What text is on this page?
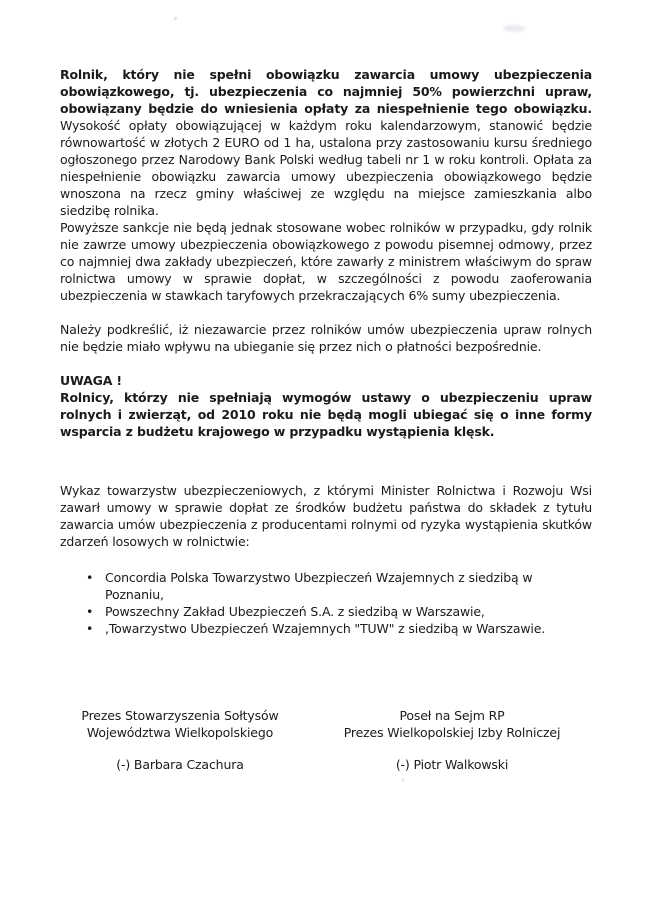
Rolnik, który nie spełni obowiązku zawarcia umowy ubezpieczenia obowiązkowego, tj. ubezpieczenia co najmniej 50% powierzchni upraw, obowiązany będzie do wniesienia opłaty za niespełnienie tego obowiązku. Wysokość opłaty obowiązującej w każdym roku kalendarzowym, stanowić będzie równowartość w złotych 2 EURO od 1 ha, ustalona przy zastosowaniu kursu średniego ogłoszonego przez Narodowy Bank Polski według tabeli nr 1 w roku kontroli. Opłata za niespełnienie obowiązku zawarcia umowy ubezpieczenia obowiązkowego będzie wnoszona na rzecz gminy właściwej ze względu na miejsce zamieszkania albo siedzibę rolnika.

Powyższe sankcje nie będą jednak stosowane wobec rolników w przypadku, gdy rolnik nie zawrze umowy ubezpieczenia obowiązkowego z powodu pisemnej odmowy, przez co najmniej dwa zakłady ubezpieczeń, które zawarły z ministrem właściwym do spraw rolnictwa umowy w sprawie dopłat, w szczególności z powodu zaoferowania ubezpieczenia w stawkach taryfowych przekraczających 6% sumy ubezpieczenia.

Należy podkreślić, iż niezawarcie przez rolników umów ubezpieczenia upraw rolnych nie będzie miało wpływu na ubieganie się przez nich o płatności bezpośrednie.

UWAGA !

Rolnicy, którzy nie spełniają wymogów ustawy o ubezpieczeniu upraw rolnych i zwierząt, od 2010 roku nie będą mogli ubiegać się o inne formy wsparcia z budżetu krajowego w przypadku wystąpienia klęsk.

Wykaz towarzystw ubezpieczeniowych, z którymi Minister Rolnictwa i Rozwoju Wsi zawarł umowy w sprawie dopłat ze środków budżetu państwa do składek z tytułu zawarcia umów ubezpieczenia z producentami rolnymi od ryzyka wystąpienia skutków zdarzeń losowych w rolnictwie:

• Concordia Polska Towarzystwo Ubezpieczeń Wzajemnych z siedzibą w Poznaniu,
• Powszechny Zakład Ubezpieczeń S.A. z siedzibą w Warszawie,
• ,Towarzystwo Ubezpieczeń Wzajemnych "TUW" z siedzibą w Warszawie.
Prezes Stowarzyszenia Sołtysów
Województwa Wielkopolskiego
(-) Barbara Czachura
Poseł na Sejm RP
Prezes Wielkopolskiej Izby Rolniczej
(-) Piotr Walkowski
